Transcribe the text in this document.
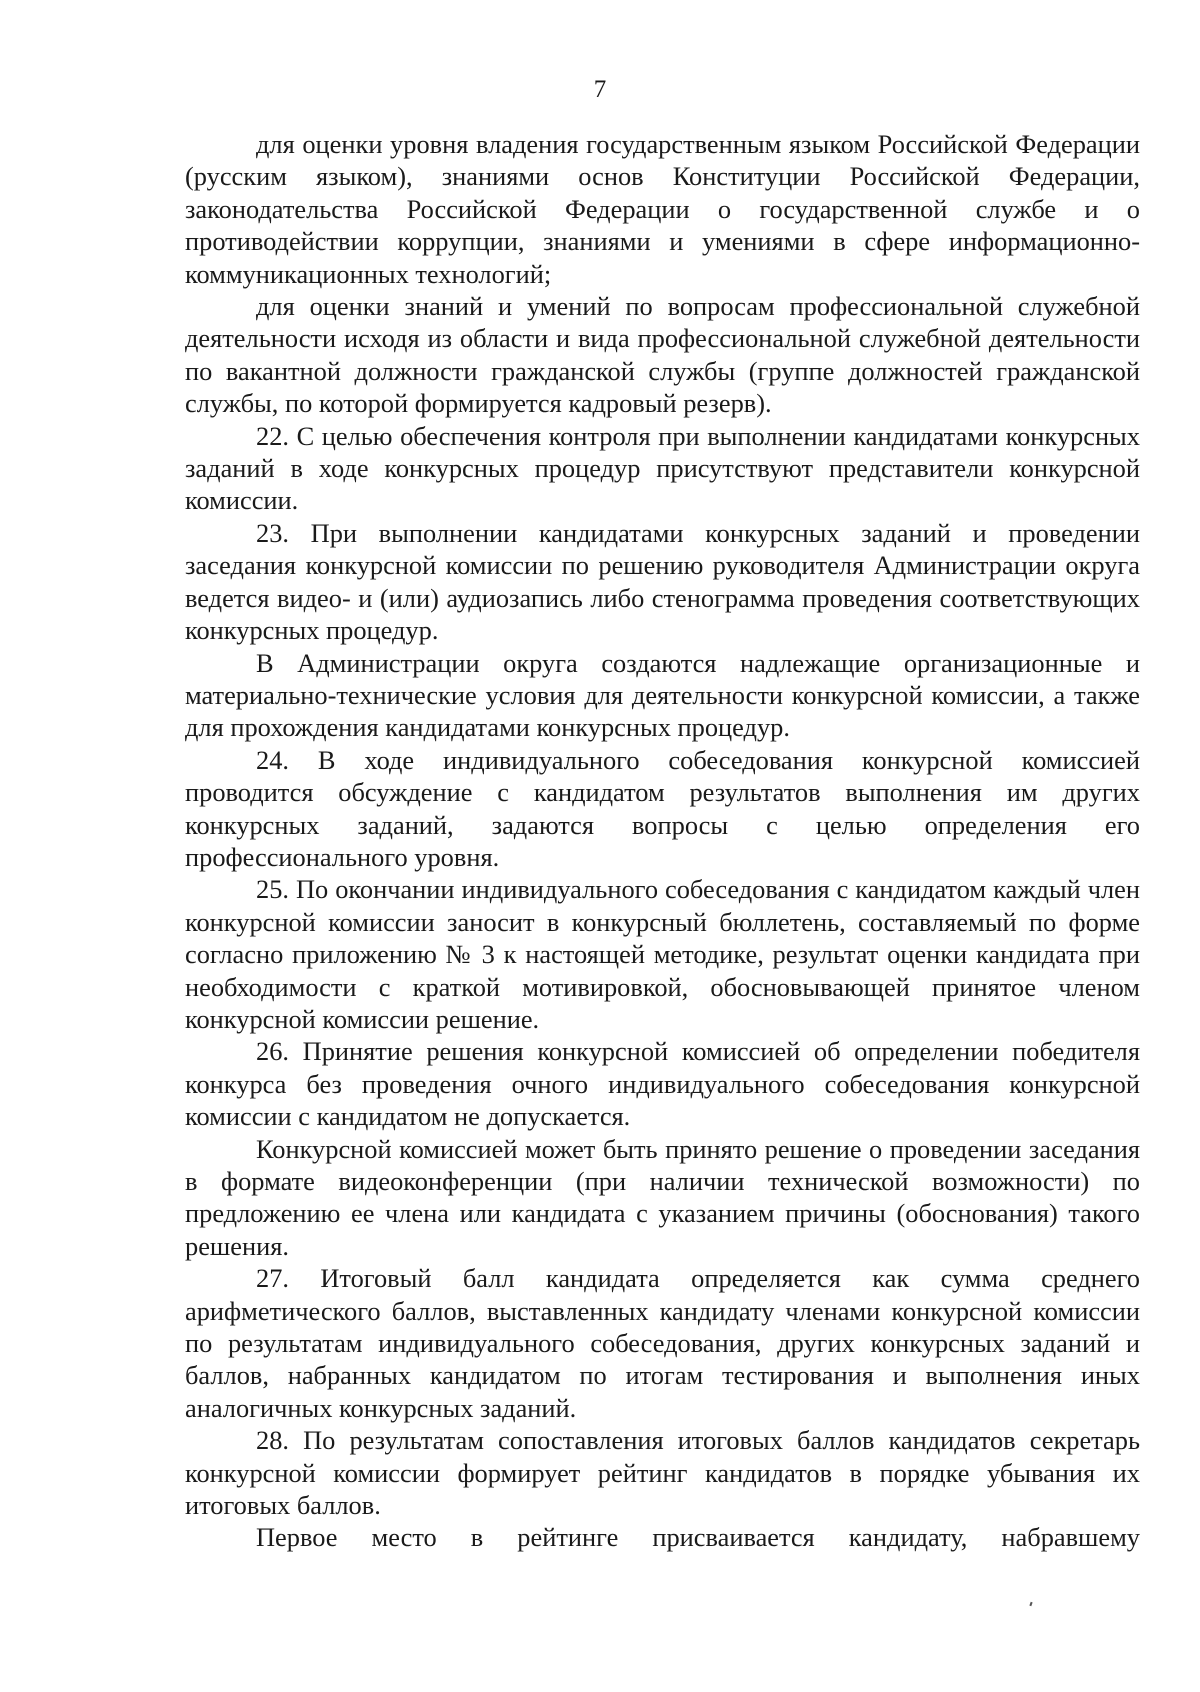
7

для оценки уровня владения государственным языком Российской Федерации (русским языком), знаниями основ Конституции Российской Федерации, законодательства Российской Федерации о государственной службе и о противодействии коррупции, знаниями и умениями в сфере информационно-коммуникационных технологий;

для оценки знаний и умений по вопросам профессиональной служебной деятельности исходя из области и вида профессиональной служебной деятельности по вакантной должности гражданской службы (группе должностей гражданской службы, по которой формируется кадровый резерв).

22. С целью обеспечения контроля при выполнении кандидатами конкурсных заданий в ходе конкурсных процедур присутствуют представители конкурсной комиссии.

23. При выполнении кандидатами конкурсных заданий и проведении заседания конкурсной комиссии по решению руководителя Администрации округа ведется видео- и (или) аудиозапись либо стенограмма проведения соответствующих конкурсных процедур.

В Администрации округа создаются надлежащие организационные и материально-технические условия для деятельности конкурсной комиссии, а также для прохождения кандидатами конкурсных процедур.

24. В ходе индивидуального собеседования конкурсной комиссией проводится обсуждение с кандидатом результатов выполнения им других конкурсных заданий, задаются вопросы с целью определения его профессионального уровня.

25. По окончании индивидуального собеседования с кандидатом каждый член конкурсной комиссии заносит в конкурсный бюллетень, составляемый по форме согласно приложению № 3 к настоящей методике, результат оценки кандидата при необходимости с краткой мотивировкой, обосновывающей принятое членом конкурсной комиссии решение.

26. Принятие решения конкурсной комиссией об определении победителя конкурса без проведения очного индивидуального собеседования конкурсной комиссии с кандидатом не допускается.

Конкурсной комиссией может быть принято решение о проведении заседания в формате видеоконференции (при наличии технической возможности) по предложению ее члена или кандидата с указанием причины (обоснования) такого решения.

27. Итоговый балл кандидата определяется как сумма среднего арифметического баллов, выставленных кандидату членами конкурсной комиссии по результатам индивидуального собеседования, других конкурсных заданий и баллов, набранных кандидатом по итогам тестирования и выполнения иных аналогичных конкурсных заданий.

28. По результатам сопоставления итоговых баллов кандидатов секретарь конкурсной комиссии формирует рейтинг кандидатов в порядке убывания их итоговых баллов.

Первое место в рейтинге присваивается кандидату, набравшему
